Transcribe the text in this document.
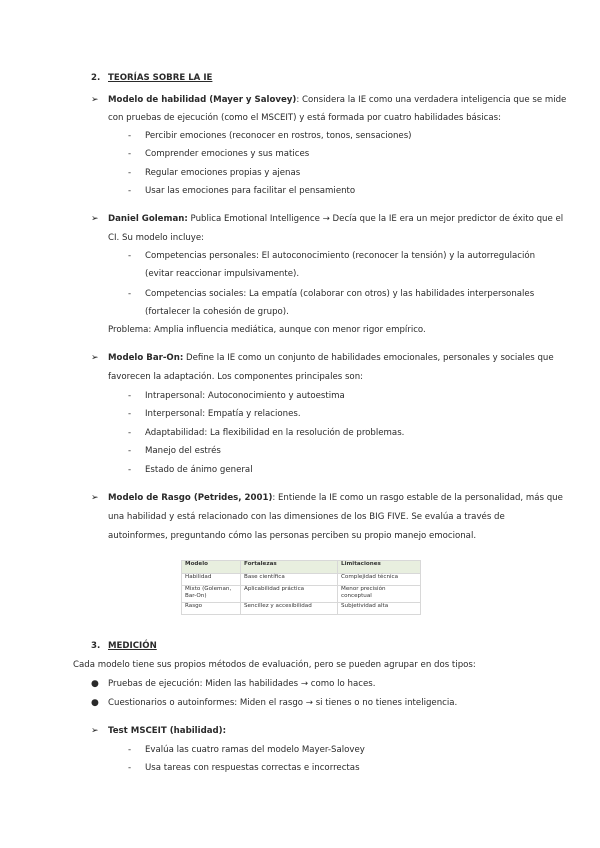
2. TEORÍAS SOBRE LA IE
➢ Modelo de habilidad (Mayer y Salovey): Considera la IE como una verdadera inteligencia que se mide
con pruebas de ejecución (como el MSCEIT) y está formada por cuatro habilidades básicas:
- Percibir emociones (reconocer en rostros, tonos, sensaciones)
- Comprender emociones y sus matices
- Regular emociones propias y ajenas
- Usar las emociones para facilitar el pensamiento
➢ Daniel Goleman: Publica Emotional Intelligence → Decía que la IE era un mejor predictor de éxito que el
CI. Su modelo incluye:
- Competencias personales: El autoconocimiento (reconocer la tensión) y la autorregulación
(evitar reaccionar impulsivamente).
- Competencias sociales: La empatía (colaborar con otros) y las habilidades interpersonales
(fortalecer la cohesión de grupo).
Problema: Amplia influencia mediática, aunque con menor rigor empírico.
➢ Modelo Bar-On: Define la IE como un conjunto de habilidades emocionales, personales y sociales que
favorecen la adaptación. Los componentes principales son:
- Intrapersonal: Autoconocimiento y autoestima
- Interpersonal: Empatía y relaciones.
- Adaptabilidad: La flexibilidad en la resolución de problemas.
- Manejo del estrés
- Estado de ánimo general
➢ Modelo de Rasgo (Petrides, 2001): Entiende la IE como un rasgo estable de la personalidad, más que
una habilidad y está relacionado con las dimensiones de los BIG FIVE. Se evalúa a través de
autoinformes, preguntando cómo las personas perciben su propio manejo emocional.
Modelo	Fortalezas	Limitaciones
Habilidad	Base científica	Complejidad técnica
Mixto (Goleman, Bar-On)	Aplicabilidad práctica	Menor precisión conceptual
Rasgo	Sencillez y accesibilidad	Subjetividad alta
3. MEDICIÓN
Cada modelo tiene sus propios métodos de evaluación, pero se pueden agrupar en dos tipos:
● Pruebas de ejecución: Miden las habilidades → como lo haces.
● Cuestionarios o autoinformes: Miden el rasgo → si tienes o no tienes inteligencia.
➢ Test MSCEIT (habilidad):
- Evalúa las cuatro ramas del modelo Mayer-Salovey
- Usa tareas con respuestas correctas e incorrectas
